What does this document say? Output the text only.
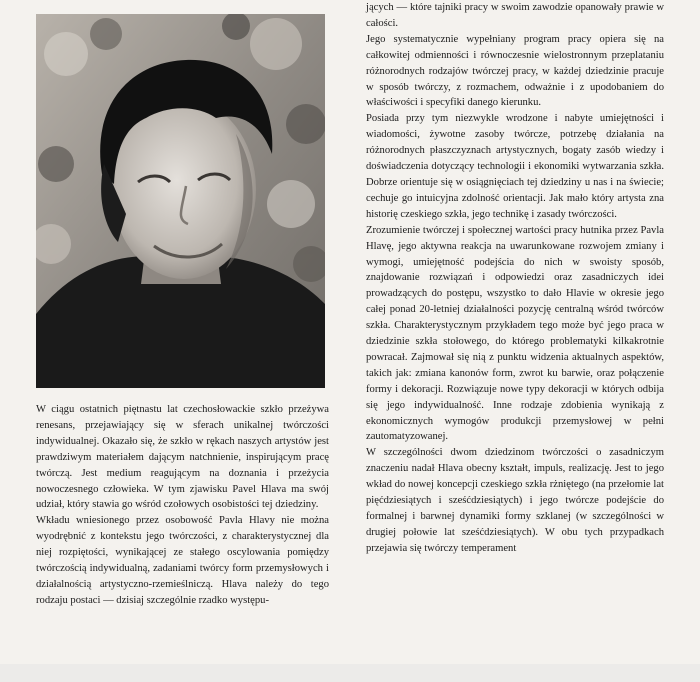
W ciągu ostatnich piętnastu lat czechosłowackie szkło przeżywa renesans, przejawiający się w sferach unikalnej twórczości indywidualnej. Okazało się, że szkło w rękach naszych artystów jest prawdziwym materiałem dającym natchnienie, inspirującym pracę twórczą. Jest medium reagującym na doznania i przeżycia nowoczesnego człowieka. W tym zjawisku Pavel Hlava ma swój udział, który stawia go wśród czołowych osobistości tej dziedziny.

Wkładu wniesionego przez osobowość Pavla Hlavy nie można wyodrębnić z kontekstu jego twórczości, z charakterystycznej dla niej rozpiętości, wynikającej ze stałego oscylowania pomiędzy twórczością indywidualną, zadaniami twórcy form przemysłowych i działalnością artystyczno-rzemieślniczą. Hlava należy do tego rodzaju postaci — dzisiaj szczególnie rzadko występu-

jących — które tajniki pracy w swoim zawodzie opanowały prawie w całości.

Jego systematycznie wypełniany program pracy opiera się na całkowitej odmienności i równoczesnie wielostronnym przeplataniu różnorodnych rodzajów twórczej pracy, w każdej dziedzinie pracuje w sposób twórczy, z rozmachem, odważnie i z upodobaniem do właściwości i specyfiki danego kierunku.

Posiada przy tym niezwykle wrodzone i nabyte umiejętności i wiadomości, żywotne zasoby twórcze, potrzebę działania na różnorodnych płaszczyznach artystycznych, bogaty zasób wiedzy i doświadczenia dotyczący technologii i ekonomiki wytwarzania szkła. Dobrze orientuje się w osiągnięciach tej dziedziny u nas i na świecie; cechuje go intuicyjna zdolność orientacji. Jak mało który artysta zna historię czeskiego szkła, jego technikę i zasady twórczości.

Zrozumienie twórczej i społecznej wartości pracy hutnika przez Pavla Hlavę, jego aktywna reakcja na uwarunkowane rozwojem zmiany i wymogi, umiejętność podejścia do nich w swoisty sposób, znajdowanie rozwiązań i odpowiedzi oraz zasadniczych idei prowadzących do postępu, wszystko to dało Hlavie w okresie jego całej ponad 20-letniej działalności pozycję centralną wśród twórców szkła. Charakterystycznym przykładem tego może być jego praca w dziedzinie szkła stołowego, do którego problematyki kilkakrotnie powracał. Zajmował się nią z punktu widzenia aktualnych aspektów, takich jak: zmiana kanonów form, zwrot ku barwie, oraz połączenie formy i dekoracji. Rozwiązuje nowe typy dekoracji w których odbija się jego indywidualność. Inne rodzaje zdobienia wynikają z ekonomicznych wymogów produkcji przemysłowej w pełni zautomatyzowanej.

W szczególności dwom dziedzinom twórczości o zasadniczym znaczeniu nadał Hlava obecny kształt, impuls, realizację. Jest to jego wkład do nowej koncepcji czeskiego szkła rżniętego (na przełomie lat pięćdziesiątych i sześćdziesiątych) i jego twórcze podejście do formalnej i barwnej dynamiki formy szklanej (w szczególności w drugiej połowie lat sześćdziesiątych). W obu tych przypadkach przejawia się twórczy temperament
